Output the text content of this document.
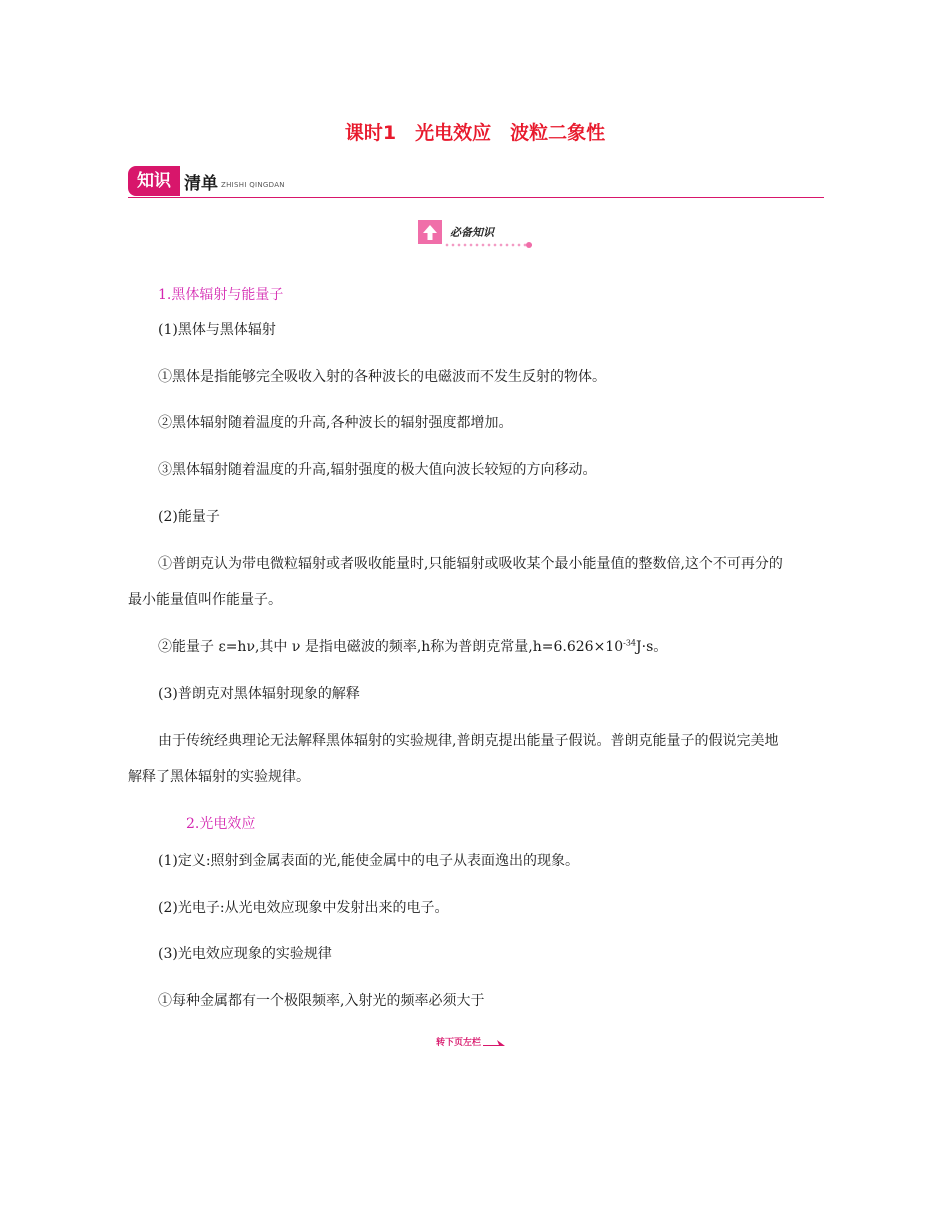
课时1　光电效应　波粒二象性
知识 清单 ZHISHI QINGDAN
必备知识
1.黑体辐射与能量子
(1)黑体与黑体辐射
①黑体是指能够完全吸收入射的各种波长的电磁波而不发生反射的物体。
②黑体辐射随着温度的升高,各种波长的辐射强度都增加。
③黑体辐射随着温度的升高,辐射强度的极大值向波长较短的方向移动。
(2)能量子
①普朗克认为带电微粒辐射或者吸收能量时,只能辐射或吸收某个最小能量值的整数倍,这个不可再分的
最小能量值叫作能量子。
②能量子 ε=hν,其中 ν 是指电磁波的频率,h称为普朗克常量$,h=6.626\times 10^{-34}J\cdot s$。
(3)普朗克对黑体辐射现象的解释
由于传统经典理论无法解释黑体辐射的实验规律,普朗克提出能量子假说。普朗克能量子的假说完美地
解释了黑体辐射的实验规律。
2.光电效应
(1)定义:照射到金属表面的光,能使金属中的电子从表面逸出的现象。
(2)光电子:从光电效应现象中发射出来的电子。
(3)光电效应现象的实验规律
①每种金属都有一个极限频率,入射光的频率必须大于
转下页左栏
